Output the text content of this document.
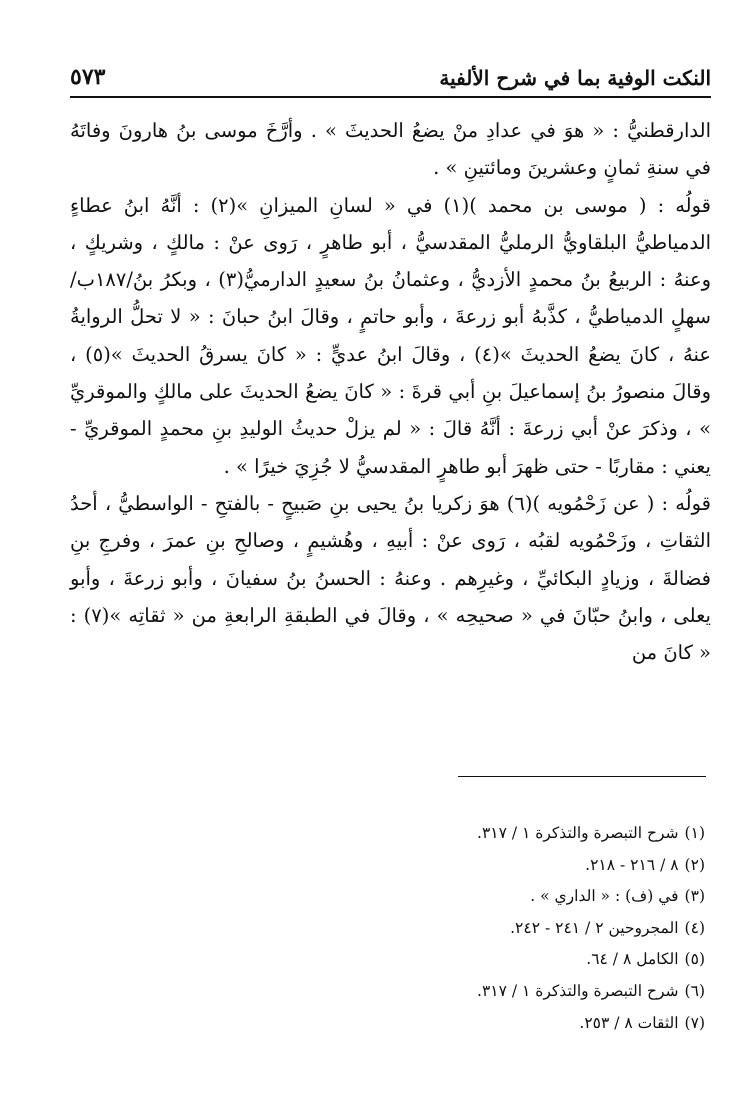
النكت الوفية بما في شرح الألفية
٥٧٣

الدارقطنيُّ : « هوَ في عدادِ منْ يضعُ الحديثَ » . وأرَّخَ موسى بنُ هارونَ وفاتَهُ في سنةِ ثمانٍ وعشرينَ ومائتينِ » .

قولُه : ( موسى بن محمد )(١) في « لسانِ الميزانِ »(٢) : أنَّهُ ابنُ عطاءٍ الدمياطيُّ البلقاويُّ الرمليُّ المقدسيُّ ، أبو طاهرٍ ، رَوى عنْ : مالكٍ ، وشريكٍ ، وعنهُ : الربيعُ بنُ محمدٍ الأزديُّ ، وعثمانُ بنُ سعيدٍ الدارميُّ(٣) ، وبكرُ بنُ/١٨٧ب/ سهلٍ الدمياطيُّ ، كذَّبهُ أبو زرعةَ ، وأبو حاتمٍ ، وقالَ ابنُ حبانَ : « لا تحلُّ الروايةُ عنهُ ، كانَ يضعُ الحديثَ »(٤) ، وقالَ ابنُ عديٍّ : « كانَ يسرقُ الحديثَ »(٥) ، وقالَ منصورُ بنُ إسماعيلَ بنِ أبي قرةَ : « كانَ يضعُ الحديثَ على مالكٍ والموقريِّ » ، وذكرَ عنْ أبي زرعةَ : أنَّهُ قالَ : « لم يزلْ حديثُ الوليدِ بنِ محمدٍ الموقريِّ - يعني : مقاربًا - حتى ظهرَ أبو طاهرٍ المقدسيُّ لا جُزِيَ خيرًا » .

قولُه : ( عن زَحْمُويه )(٦) هوَ زكريا بنُ يحيى بنِ صَبيحٍ - بالفتحِ - الواسطيُّ ، أحدُ الثقاتِ ، وزَحْمُويه لقبُه ، رَوى عنْ : أبيهِ ، وهُشيمٍ ، وصالحِ بنِ عمرَ ، وفرجِ بنِ فضالةَ ، وزيادٍ البكائيِّ ، وغيرِهم . وعنهُ : الحسنُ بنُ سفيانَ ، وأبو زرعةَ ، وأبو يعلى ، وابنُ حبّانَ في « صحيحِه » ، وقالَ في الطبقةِ الرابعةِ من « ثقاتِه »(٧) : « كانَ من

(١)شرح التبصرة والتذكرة ١ / ٣١٧.
(٢)٨ / ٢١٦ - ٢١٨.
(٣)في (ف) : « الداري » .
(٤)المجروحين ٢ / ٢٤١ - ٢٤٢.
(٥)الكامل ٨ / ٦٤.
(٦)شرح التبصرة والتذكرة ١ / ٣١٧.
(٧)الثقات ٨ / ٢٥٣.
